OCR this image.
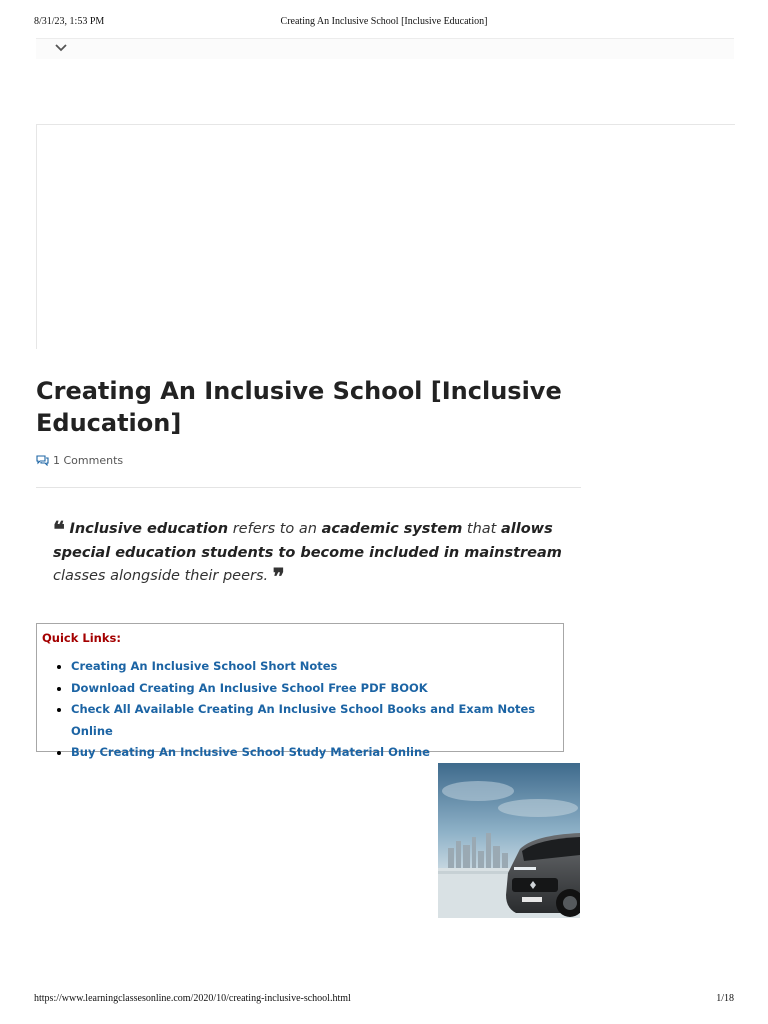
8/31/23, 1:53 PM	Creating An Inclusive School [Inclusive Education]
Creating An Inclusive School [Inclusive Education]
1 Comments
❝ Inclusive education refers to an academic system that allows special education students to become included in mainstream classes alongside their peers. ❞
Quick Links:
• Creating An Inclusive School Short Notes
• Download Creating An Inclusive School Free PDF BOOK
• Check All Available Creating An Inclusive School Books and Exam Notes Online
• Buy Creating An Inclusive School Study Material Online
https://www.learningclassesonline.com/2020/10/creating-inclusive-school.html	1/18
